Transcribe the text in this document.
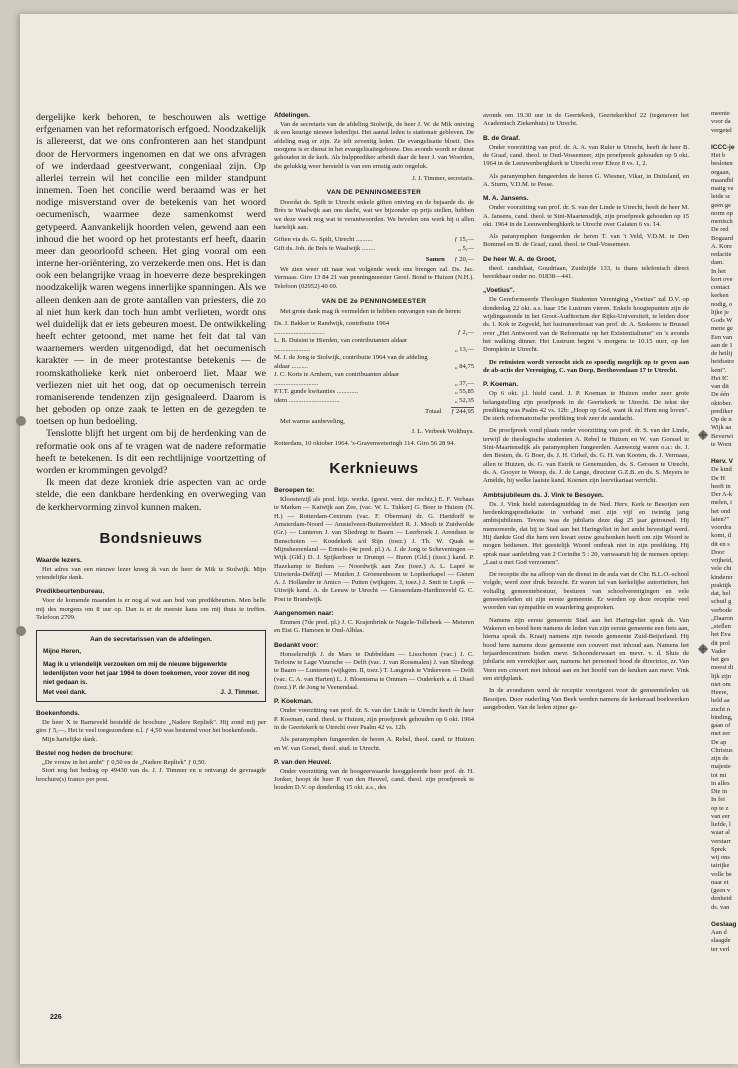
dergelijke kerk behoren, te beschouwen als wettige erfgenamen van het reformatorisch erfgoed. Noodzakelijk is allereerst, dat we ons confronteren aan het standpunt door de Hervormers ingenomen en dat we ons afvragen of we inderdaad geestverwant, congeniaal zijn. Op allerlei terrein wil het concilie een milder standpunt innemen. Toen het concilie werd beraamd was er het nodige misverstand over de betekenis van het woord oecumenisch, waarmee deze samenkomst werd getypeerd. Aanvankelijk hoorden velen, gewend aan een inhoud die het woord op het protestants erf heeft, daarin meer dan geoorloofd scheen. Het ging vooral om een interne her-oriëntering, zo verzekerde men ons. Het is dan ook een belangrijke vraag in hoeverre deze besprekingen noodzakelijk waren wegens innerlijke spanningen. Als we alleen denken aan de grote aantallen van priesters, die zo al niet hun kerk dan toch hun ambt verlieten, wordt ons wel duidelijk dat er iets gebeuren moest. De ontwikkeling heeft echter getoond, met name het feit dat tal van waarnemers werden uitgenodigd, dat het oecumenisch karakter — in de meer protestantse betekenis — de roomskatholieke kerk niet onberoerd liet. Maar we verliezen niet uit het oog, dat op oecumenisch terrein romaniserende tendenzen zijn gesignaleerd. Daarom is het geboden op onze zaak te letten en de gezegden te toetsen op hun bedoeling.

Tenslotte blijft het urgent om bij de herdenking van de reformatie ook ons af te vragen wat de nadere reformatie heeft te betekenen. Is dit een rechtlijnige voortzetting of worden er krommingen gevolgd?

Ik meen dat deze kroniek drie aspecten van ac orde stelde, die een dankbare herdenking en overweging van de kerkhervorming zinvol kunnen maken.

Bondsnieuws
Waarde lezers.

Het adres van een nieuwe lezer kreeg ik van de heer de Mik te Stolwijk. Mijn vriendelijke dank.

Predikbeurtenbureau.

Voor de komende maanden is er nog al wat aan bod van predikbeurten. Men belle mij des morgens om 8 uur op. Dan is er de meeste kans om mij thuis te treffen. Telefoon 2709.

Aan de secretarissen van de afdelingen.
Mijne Heren,
Mag ik u vriendelijk verzoeken om mij de nieuwe bijgewerkte ledenlijsten voor het jaar 1964 te doen toekomen, voor zover dit nog niet gedaan is.
Met veel dank.	J. J. Timmer.
Boekenfonds.

De heer X te Barneveld besteldé de brochure „Nadere Repliek". Hij zond mij per giro ƒ 5,—. Het te veel toegezondene n.l. ƒ 4,50 was bestemd voor het boekenfonds.

Mijn hartelijke dank.

Bestel nog heden de brochure:

„De vrouw in het ambt" ƒ 0,50 en de „Nadere Repliek" ƒ 0,50.

Stort nog het bedrag op 49430 van ds. J. J. Timmer en u ontvangt de gevraagde brochure(s) franco per post.

Afdelingen.

Van de secretaris van de afdeling Stolwijk, de heer J. W. de Mik ontving ik een keurige nieuwe ledenlijst. Het aantal leden is stationair gebleven. De afdeling mag er zijn. Ze telt zeventig leden. De evangelisatie bloeit. Des morgens is er dienst in het evangelisatiegebouw. Des avonds wordt er dienst gehouden in de kerk. Als hulpprediker arbeidt daar de heer J. van Woerden, die gelukkig weer hersteld is van een ernstig auto ongeluk.

J. J. Timmer, secretaris.
VAN DE PENNINGMEESTER

Doordat ds. Spilt te Utrecht enkele giften ontving en de bejaarde ds. de Brès te Waalwijk aan ons dacht, wat we bijzonder op prijs stellen, hebben we deze week nog wat te verantwoorden. We bevelen ons werk bij u allen hartelijk aan.

Giften via ds. G. Spilt, Utrecht ..........	ƒ 15,—
Gift ds. Joh. de Brès te Waalwijk ........	„ 5,—
Samen ƒ 20,—

We zien weer uit naar wat volgende week ons brengen zal. Ds. Jac. Vermaas. Giro 13 84 21 van penningmeester Geref. Bond te Huizen (N.H.). Telefoon (02952) 40 69.

VAN DE 2e PENNINGMEESTER

Met grote dank mag ik vermelden te hebben ontvangen van de heren:

Ds. J. Bakker te Randwijk, contributie 1964 ...............................	ƒ 2,—
L. B. Duisint te Hierden, van contributanten aldaar ......................	„ 13,—
M. J. de Jong te Stolwijk, contributie 1964 van de afdeling aldaar ..........	„ 84,75
J. C. Korts te Arnhem, van contribuanten aldaar ...........................	„ 37,—
P.T.T. gunde kwitanties .............	„ 55,85
idem ...............................	„ 52,35
Totaal ƒ 244,95

Met warme aanbeveling,

J. L. Verbeek Wolthuys.

Rotterdam, 10 oktober 1964. 's-Gravenweteringh 114. Giro 56 28 94.

Kerknieuws
Beroepen te:

Kloosterzijl als pred. bijz. werkz. (geest. verz. der rechtz.) E. F. Verbaas te Marken — Katwijk aan Zee, (vac. W. L. Tukker) G. Boer te Huizen (N. H.) — Rotterdam-Centrum (vac. F. Oberman) dr. G. Hartdorff te Amsterdam-Noord — Amstelveen-Buitenveldert R. J. Moolt te Zuidwolde (Gr.) — Lunteren J. van Sliedregt te Baarn — Leerbroek J. Arendsen te Bunschoten — Koudekerk a/d Rijn (toez.) J. Th. W. Quak te Mijnsheerenland — Ermelo (4e pred. pl.) A. J. de Jong te Scheveningen — Wijk (Gld.) D. J. Spijkerboer te Drumpt — Buren (Gld.) (toez.) kand. P. Hazekamp te Bedum — Noordwijk aan Zee (toez.) A. L. Lapré te Uitwierda-Delfzijl — Muiden J. Groenenboom te Lopikerkapel — Gieten A. J. Hollander te Amico — Putten (wijkgem. 3, toez.) J. Smit te Lopik — Uitwijk kand. A. de Leeuw te Utrecht — Giessendam-Hardinxveld G. C. Post te Brandwijk.

Aangenomen naar:

Emmen (7de pred. pl.) J. C. Krajenbrink te Nagele-Tollebeek — Meteren en Eist G. Hamoen te Oud-Alblas.

Bedankt voor:

Honselersdijk J. de Mars te Dubbeldam — Lisschoten (vac.) J. C. Terlouw te Lage Vuursche — Delft (vac. J. van Roosmalen) J. van Sliedregt te Baarn — Lunteren (wijkgem. II, toez.) T. Langerak te Vinkeveen — Delft (vac. C. A. van Harten) L. J. Bloemsma te Ommen — Ouderkerk a. d. IJssel (toez.) P. de Jong te Veenendaal.

P. Koekman.

Onder voorzitting van prof. dr. S. van der Linde te Utrecht heeft de heer P. Koeman, cand. theol. te Huizen, zijn proefpreek gehouden op 6 okt. 1964 in de Geertekerk te Utrecht over Psalm 42 vs. 12b.

Als paranymphen fungeerden de heren A. Rebel, theol. cand. te Huizen en W. van Gorsel, theol. stud. te Utrecht.

P. van den Heuvel.

Onder voorzitting van de hoogeerwaarde hooggeleerde heer prof. dr. H. Jonker, hoopt de heer P. van den Heuvel, cand. theol. zijn proefpreek te houden D.V. op donderdag 15 okt. a.s., des

avonds om 19.30 uur in de Geertekerk, Geertekerkhof 22 (tegenover het Academisch Ziekenhuis) te Utrecht.

B. de Graaf.

Onder voorzitting van prof. dr. A. A. van Ruler te Utrecht, heeft de heer B. de Graaf, cand. theol. te Oud-Vossemeer, zijn proefpreek gehouden op 9 okt. 1964 in de Leeuwenberghkerk te Utrecht over Efeze 8 vs. 1, 2.

Als paranymphen fungeerden de heren G. Wiesner, Vikar, in Duitsland, en A. Sturm, V.D.M. te Pesse.

M. A. Jansens.

Onder voorzitting van prof. dr. S. van der Linde te Utrecht, heeft de heer M. A. Jansens, cand. theol. te Sint-Maartensdijk, zijn proefpreek gehouden op 15 okt. 1964 in de Leeuwenberghkerk te Utrecht over Galaten 6 vs. 14.

Als paranymphen fungeerden de heren T. van 't Veld, V.D.M. te Den Bommel en B. de Graaf, cand. theol. te Oud-Vossemeer.

De heer W. A. de Groot,

theol. candidaat, Goudriaan, Zuidzijde 133, is thans telefonisch direct bereikbaar onder no. 01838—441.

„Voetius".

De Gereformeerde Theologen Studenten Vereniging „Voetius" zal D.V. op donderdag 22 okt. a.s. haar 15e Lustrum vieren. Enkele hoogtepunten zijn de wijdingsstonde in het Groot-Auditorium der Rijks-Universiteit, te leiden door ds. I. Kok te Zegveld, het lustrumreferaat van prof. dr. A. Szekeres te Brussel over „Het Antwoord van de Reformatie op het Existentialisme" en 's avonds het walking dinner. Het Lustrum begint 's morgens te 10.15 uurr, op het Domplein te Utrecht.

De reünisten wordt verzocht zich zo spoedig mogelijk op te geven aan de ab-actis der Vereniging, C. van Dorp, Beethovenlaan 17 te Utrecht.

P. Koeman.

Op 6 okt. j.l. hield cand. J. P. Koeman te Huizen onder zeer grote belangstelling zijn proefpreek in de Geertekerk te Utrecht. De tekst der prediking was Psalm 42 vs. 12b: „Hoop op God, want ik zal Hem nog loven". De sterk reformatorische prediking trok zeer de aandacht.

De proefpreek vond plaats onder voorzitting van prof. dr. S. van der Linde, terwijl de theologische studenten A. Rebel te Huizen en W. van Gorssel te Sint-Maartensdijk als paranymphen fungeerden. Aanwezig waren o.a.: ds. J. den Besten, ds. G Boer, ds. J. H. Cirkel, ds. G. H. van Kooten, ds. J. Vermaas, allen te Huizen, ds. G. van Estrik te Genemuiden, ds. S. Gerssen te Utrecht, ds. A. Gooyer te Weesp, ds. J. de Lange, directeur G.Z.B. en ds. S. Meyers te Amelde, bij welke laatste kand. Koenen zijn leervikariaat verricht.

Ambtsjubileum ds. J. Vink te Besoyen.

Ds. J. Vink hield zaterdagmiddag in de Ned. Herv. Kerk te Besoijen een herdenkingsprediekatie in verband met zijn vijf en twintig jarig ambtsjubileum. Tevens was de jubilaris deze dag 25 jaar getrouwd. Hij memoreerde, dat hij te Stad aan het Haringvliet in het ambt bevestigd werd. Hij dankte God die hem een kwart eeuw geschonken heeft om zijn Woord te mogen bedienen. Het geestelijk Woord ontbrak niet in zijn prediking. Hij sprak naar aanleiding van 2 Corinthe 5 : 20, vanwaaruit hij de mensen opriep: „Laat u met God verzoenen".

De receptie die na afloop van de dienst in de aula van de Chr. B.L.O.-school volgde, werd zeer druk bezocht. Er waren tal van kerkelijke autoriteiten, het voltallig gemeentebestuur, besturen van schoolverenigingen en vele gemeenteleden uit zijn eerste gemeente. Er werden op deze receptie veel woorden van sympathie en waardering gesproken.

Namens zijn eerste gemeente Stad aan het Haringvliet sprak ds. Van Wakeren en bood hem namens de leden van zijn eerste gemeente een fiets aan, hierna sprak ds. Kraaij namens zijn tweede gemeente Zuid-Beijerland. Hij bood hem namens deze gemeente een couvert met inhoud aan. Namens het bejaardencentrum boden mevr. Schoonderwaart en mevr. v. d. Sluis de jubilaris een verrekijker aan, namens het personeel bood de directrice, zr. Van Veen een couvert met inhoud aan en het hoofd van de keuken aan mevr. Vink een strijkplank.

In de avonduren werd de receptie voortgezet voor de gemeenteleden uit Besoijen. Door ouderling Van Beek werden namens de kerkeraad boekwerken aangeboden. Van de leden zijner ge-

226
meente
voor da
vergetel
ICCC-je
Het b
besloten
orgaan,
maandbl
matig ve
leide sc
geen ge
norm op
menisch
De red
Bogaard
A. Kore
redactie
dam.
In het
kort ove
contact
kerken
nodig, o
lijke je
Gods W
mene ge
Een van
aan de 1
de heilij
heidsstre
kent".
Het IC
van dit
De één
oktober.
prediker
Op de n
Wijk aa
Beverwi
te Worn
Herv. V
De kind
De H
heeft in
Der A-k
melen, i
het ond
laten?"
voordra
komt, tl
dit en s
Door
vrijheid,
vele chi
kinderer
praktijk
dat, hel
schuil g
verbode
„Daaron
„stellen
het Eva
dit prol
Vader
het ges
moest di
lijk zijn
niet om
Heere,
held aa
zucht n
binding,
gaan of
met eer
De ap
Christus
zijn de
majeste
tot mi
in alles
Die in
In fei
op te z
van eer
liefde, l
waar al
verstarr
Sprek
wij ons
tairijke
volle be
naar et
(geen v
denheid
ds. van
Geslaag
Aan d
slaagde
ter verl
